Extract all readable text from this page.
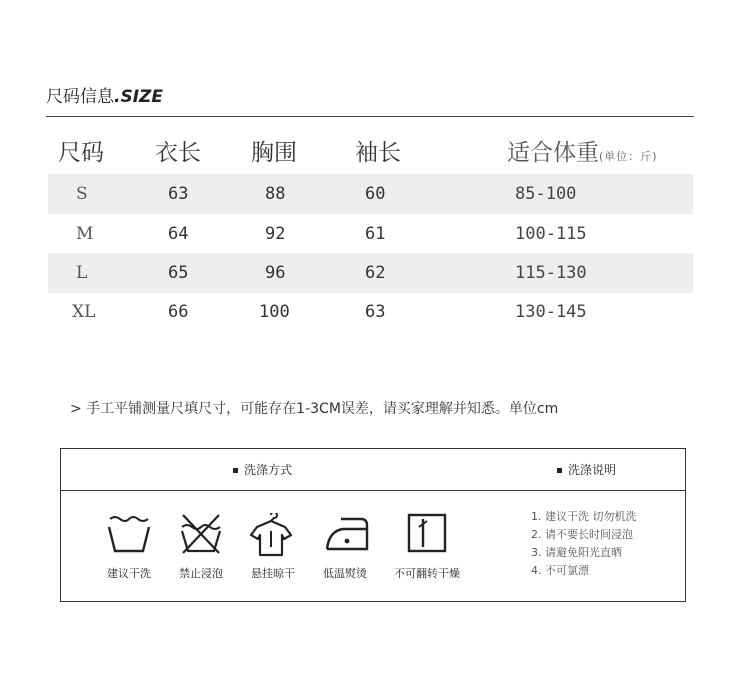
尺码信息.SIZE
尺码 衣长 胸围	袖长	适合体重(单位：斤)
S	63	88	60	85-100
M	64	92	61	100-115
L	65	96	62	115-130
XL	66	100	63	130-145
> 手工平铺测量尺填尺寸，可能存在1-3CM误差，请买家理解并知悉。单位cm
洗涤方式	洗涤说明
建议干洗	禁止浸泡	悬挂晾干	低温熨烫 不可翻转干燥
1. 建议干洗 切勿机洗
2. 请不要长时间浸泡
3. 请避免阳光直晒
4. 不可氯漂
